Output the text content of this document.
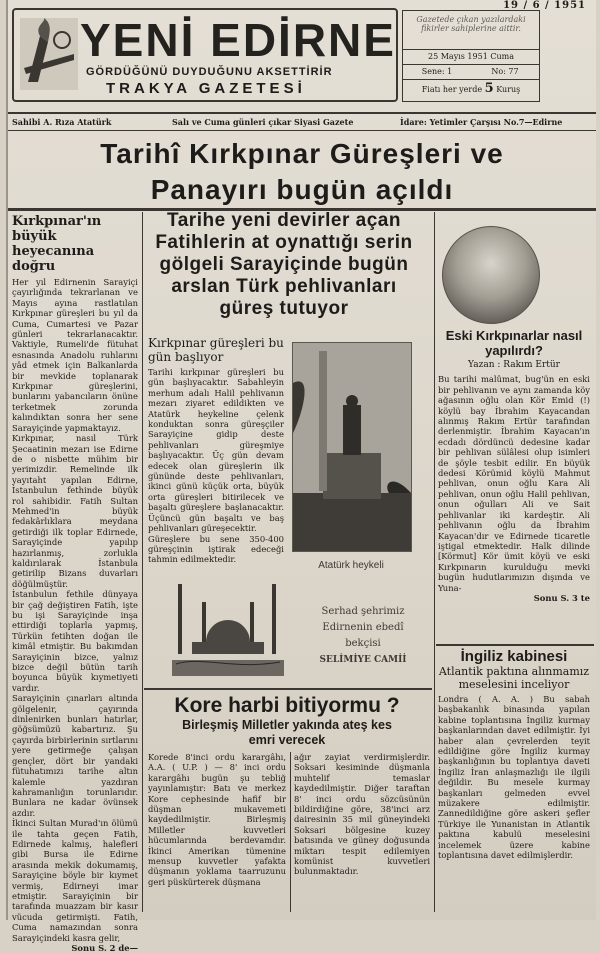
19 / 6 / 1951
YENİ EDİRNE
GÖRDÜĞÜNÜ DUYDUĞUNU AKSETTİRİR
TRAKYA GAZETESİ
Gazetede çıkan yazılardaki fikirler sahiplerine aittir.
25 Mayıs 1951 Cuma
Sene: 1	No: 77
Fiatı her yerde 5 Kuruş
Sahibi A. Rıza Atatürk	Salı ve Cuma günleri çıkar Siyasi Gazete	İdare: Yetimler Çarşısı No.7—Edirne
Tarihî Kırkpınar Güreşleri ve
Panayırı bugün açıldı
Kırkpınar'ın büyük heyecanına doğru

Her yıl Edirnenin Sarayiçi çayırlığında tekrarlanan ve Mayıs ayına rastlatılan Kırkpınar güreşleri bu yıl da Cuma, Cumartesi ve Pazar günleri tekrarlanacaktır. Vaktiyle, Rumeli'de fütuhat esnasında Anadolu ruhlarını yâd etmek için Balkanlarda bir mevkide toplanarak Kırkpınar güreşlerini, bunlarını yabancıların önüne terketmek zorunda kalındıktan sonra her sene Sarayiçinde yapmaktayız.

Kırkpınar, nasıl Türk Şecaatinin mezarı ise Edirne de o nisbette mühim bir yerimizdir. Remelinde ilk yayıtaht yapılan Edirne, İstanbulun fethinde büyük rol sahibidir. Fatih Sultan Mehmed'in büyük fedakârlıklara meydana getirdiği ilk toplar Edirnede, Sarayiçinde yapılıp hazırlanmış, zorlukla kaldırılarak İstanbula getirilip Bizans duvarları döğülmüştür.

İstanbulun fethile dünyaya bir çağ değiştiren Fatih, işte bu işi Sarayiçinde inşa ettirdiği toplarla yapmış, Türkün fetihten doğan ile kimâl etmiştir. Bu bakımdan Sarayiçinin bizce, yalnız bizce değil bütün tarih boyunca büyük kıymetiyeti vardır.

Sarayiçinin çınarları altında gölgelenir, çayırında dinlenirken bunları hatırlar, göğsümüzü kabartırız. Şu çayırda birbirlerinin sırtlarını yere getirmeğe çalışan gençler, dört bir yandaki fütuhatımızı tarihe altın kalemle yazdıran kahramanlığın torunlarıdır. Bunlara ne kadar övünsek azdır.

İkinci Sultan Murad'ın ölümü ile tahta geçen Fatih, Edirnede kalmış, halefleri gibi Bursa ile Edirne arasında mekik dokumamış, Sarayiçine böyle bir kıymet vermiş, Edirneyi imar etmiştir. Sarayiçinin bir tarafında muazzam bir kasır vücuda getirmişti. Fatih, Cuma namazından sonra Sarayiçindeki kasra gelir,

Sonu S. 2 de—

Tarihe yeni devirler açan Fatihlerin at oynattığı serin gölgeli Sarayiçinde bugün arslan Türk pehlivanları güreş tutuyor
Kırkpınar güreşleri bu gün başlıyor

Tarihi kırkpınar güreşleri bu gün başlıyacaktır. Sabahleyin merhum adalı Halil pehlivanın mezarı ziyaret edildikten ve Atatürk heykeline çelenk konduktan sonra güreşçiler Sarayiçine gidip deste pehlivanları güreşmiye başlıyacaktır. Üç gün devam edecek olan güreşlerin ilk gününde deste pehlivanları, ikinci günü küçük orta, büyük orta güreşleri bitirilecek ve başaltı güreşlere başlanacaktır. Üçüncü gün başaltı ve baş pehlivanları güreşecektir.

Güreşlere bu sene 350-400 güreşçinin iştirak edeceği tahmin edilmektedir.

Atatürk heykeli
Serhad şehrimiz
Edirnenin ebedî
bekçisi
SELİMİYE CAMİİ
Kore harbi bitiyormu ?
Birleşmiş Milletler yakında ateş kes
emri verecek

Korede 8'inci ordu karargâhı, A.A. ( U.P. ) — 8' inci ordu karargâhı bugün şu tebliğ yayınlamıştır: Batı ve merkez Kore cephesinde hafif bir düşman mukavemeti kaydedilmiştir. Birleşmiş Milletler kuvvetleri hücumlarında berdevamdır. İkinci Amerikan tümenine mensup kuvvetler yafakta düşmanın yoklama taarruzunu geri püskürterek düşmana

ağır zayiat verdirmişlerdir. Soksari kesiminde düşmanla muhtelif temaslar kaydedilmiştir. Diğer taraftan 8' inci ordu sözcüsünün bildirdiğine göre, 38'inci arz dairesinin 35 mil güneyindeki Soksari bölgesine kuzey batısında ve güney doğusunda miktarı tespit edilemiyen komünist kuvvetleri bulunmaktadır.

Eski Kırkpınarlar nasıl yapılırdı?
Yazan : Rakım Ertür

Bu tarihi malûmat, bug'ün en eski bir pehlivanın ve aynı zamanda köy ağasının oğlu olan Kör Emid (!) köylü bay İbrahim Kayacandan alınmış Rakım Ertür tarafından derlenmiştir. İbrahim Kayacan'ın ecdadı dördüncü dedesine kadar bir pehlivan sülâlesi olup isimleri de şöyle tesbit edilir. En büyük dedesi Körümid köylü Mahmut pehlivan, onun oğlu Kara Ali pehlivan, onun oğlu Halil pehlivan, onun oğulları Ali ve Sait pehlivanlar iki kardeştir. Ali pehlivanın oğlu da İbrahim Kayacan'dır ve Edirnede ticaretle iştigal etmektedir. Halk dilinde [Körmut] Kör ümit köyü ve eski Kırkpınarın kurulduğu mevki bugün hudutlarımızın dışında ve Yuna-

Sonu S. 3 te

İngiliz kabinesi
Atlantik paktına alınmamız meselesini inceliyor

Londra ( A. A. ) Bu sabah başbakanlık binasında yapılan kabine toplantısına İngiliz kurmay başkanlarından davet edilmiştir. İyi haber alan çevrelerden teyit edildiğine göre İngiliz kurmay başkanlığının bu toplantıya daveti İngiliz İran anlaşmazlığı ile ilgili değildir. Bu mesele kurmay başkanları gelmeden evvel müzakere edilmiştir. Zannedildiğine göre askeri şefler Türkiye ile Yunanistan in Atlantik paktına kabulü meselesini incelemek üzere kabine toplantısına davet edilmişlerdir.
